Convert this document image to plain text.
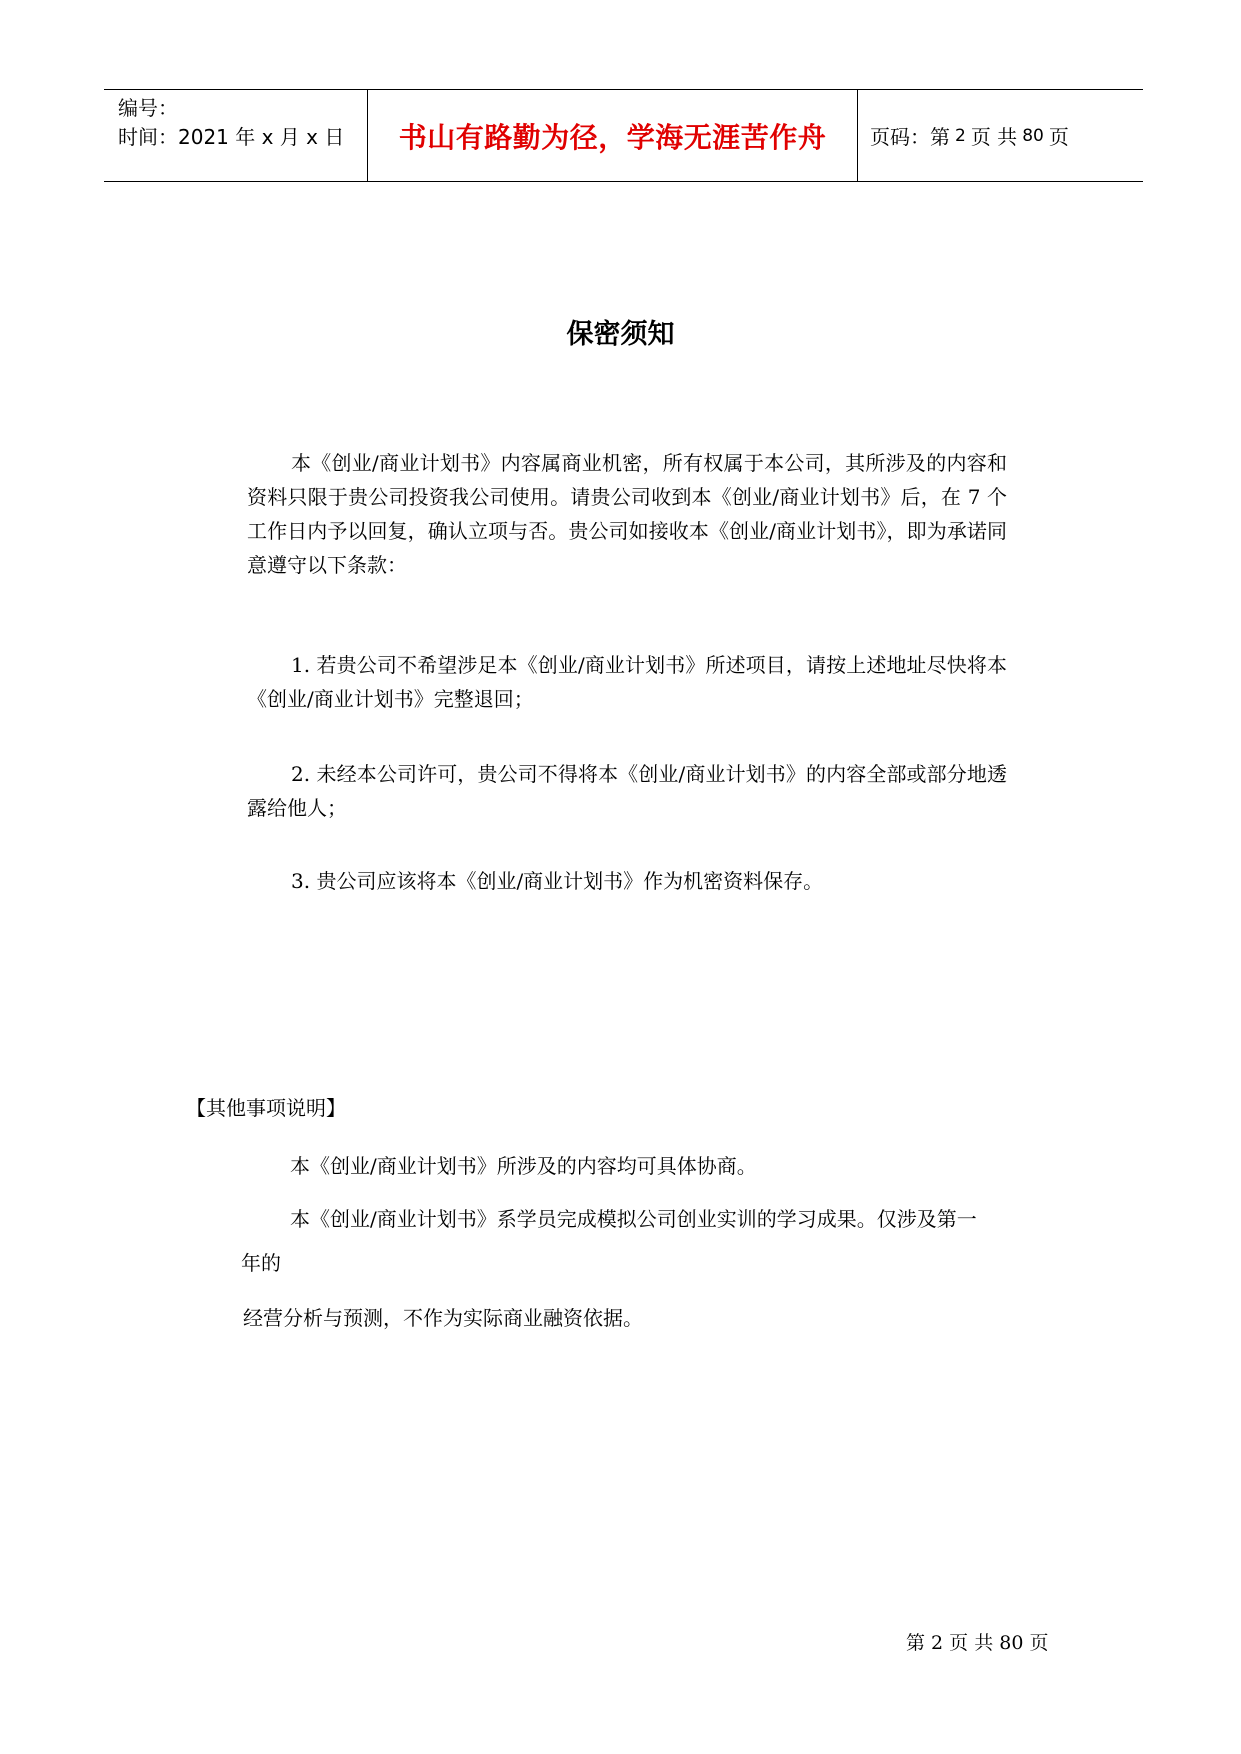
编号：
时间：2021 年 x 月 x 日	书山有路勤为径，学海无涯苦作舟 页码：第 2 页 共 80 页
保密须知
本《创业/商业计划书》内容属商业机密，所有权属于本公司，其所涉及的内容和资料只限于贵公司投资我公司使用。请贵公司收到本《创业/商业计划书》后，在 7 个工作日内予以回复，确认立项与否。贵公司如接收本《创业/商业计划书》，即为承诺同意遵守以下条款：
1. 若贵公司不希望涉足本《创业/商业计划书》所述项目，请按上述地址尽快将本《创业/商业计划书》完整退回；
2. 未经本公司许可，贵公司不得将本《创业/商业计划书》的内容全部或部分地透露给他人；
3. 贵公司应该将本《创业/商业计划书》作为机密资料保存。
【其他事项说明】
本《创业/商业计划书》所涉及的内容均可具体协商。
本《创业/商业计划书》系学员完成模拟公司创业实训的学习成果。仅涉及第一
年的
经营分析与预测，不作为实际商业融资依据。
第 2 页 共 80 页
